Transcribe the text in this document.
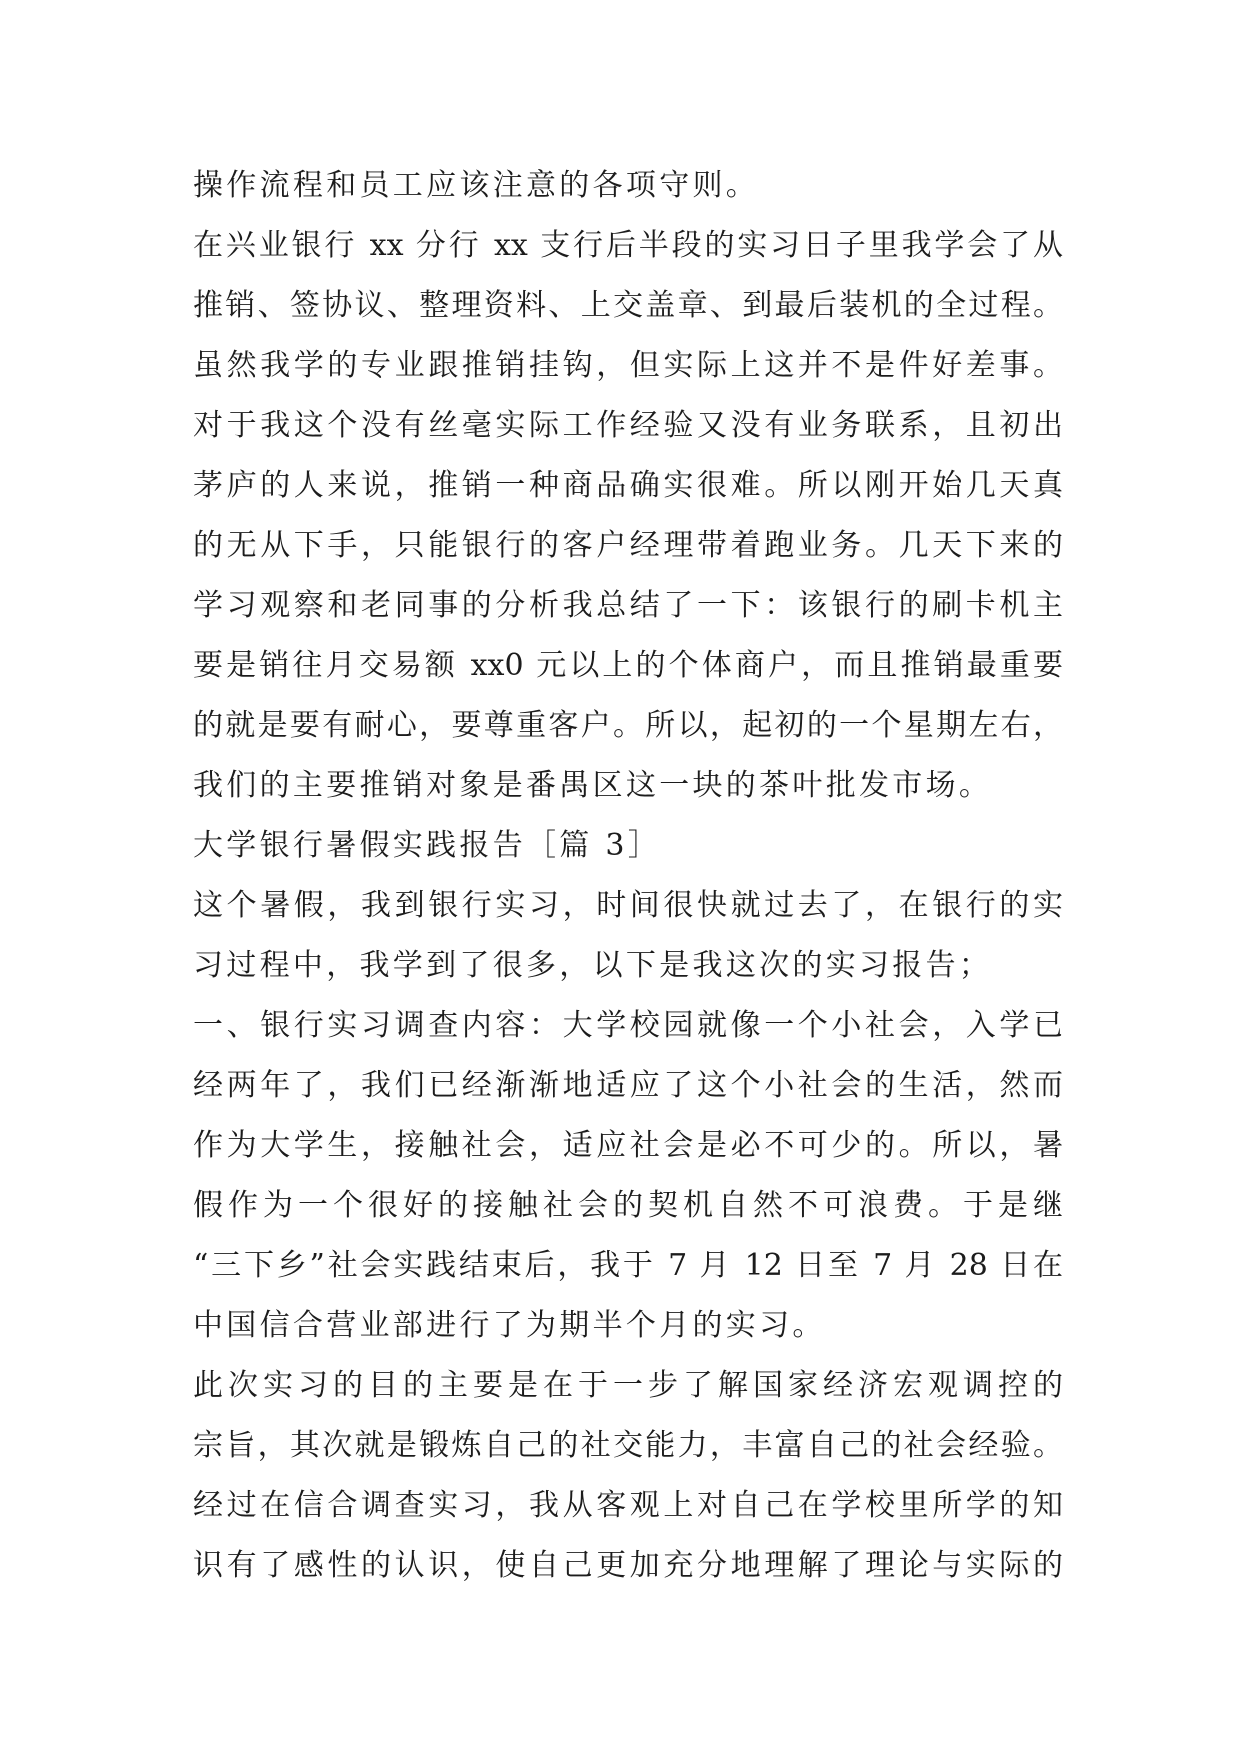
操作流程和员工应该注意的各项守则。
在兴业银行 xx 分行 xx 支行后半段的实习日子里我学会了从
推销、签协议、整理资料、上交盖章、到最后装机的全过程。
虽然我学的专业跟推销挂钩，但实际上这并不是件好差事。
对于我这个没有丝毫实际工作经验又没有业务联系，且初出
茅庐的人来说，推销一种商品确实很难。所以刚开始几天真
的无从下手，只能银行的客户经理带着跑业务。几天下来的
学习观察和老同事的分析我总结了一下：该银行的刷卡机主
要是销往月交易额 xx0 元以上的个体商户，而且推销最重要
的就是要有耐心，要尊重客户。所以，起初的一个星期左右，
我们的主要推销对象是番禺区这一块的茶叶批发市场。
大学银行暑假实践报告［篇 3］
这个暑假，我到银行实习，时间很快就过去了，在银行的实
习过程中，我学到了很多，以下是我这次的实习报告；
一、银行实习调查内容：大学校园就像一个小社会，入学已
经两年了，我们已经渐渐地适应了这个小社会的生活，然而
作为大学生，接触社会，适应社会是必不可少的。所以，暑
假作为一个很好的接触社会的契机自然不可浪费。于是继
“三下乡”社会实践结束后，我于 7 月 12 日至 7 月 28 日在
中国信合营业部进行了为期半个月的实习。
此次实习的目的主要是在于一步了解国家经济宏观调控的
宗旨，其次就是锻炼自己的社交能力，丰富自己的社会经验。
经过在信合调查实习，我从客观上对自己在学校里所学的知
识有了感性的认识，使自己更加充分地理解了理论与实际的
